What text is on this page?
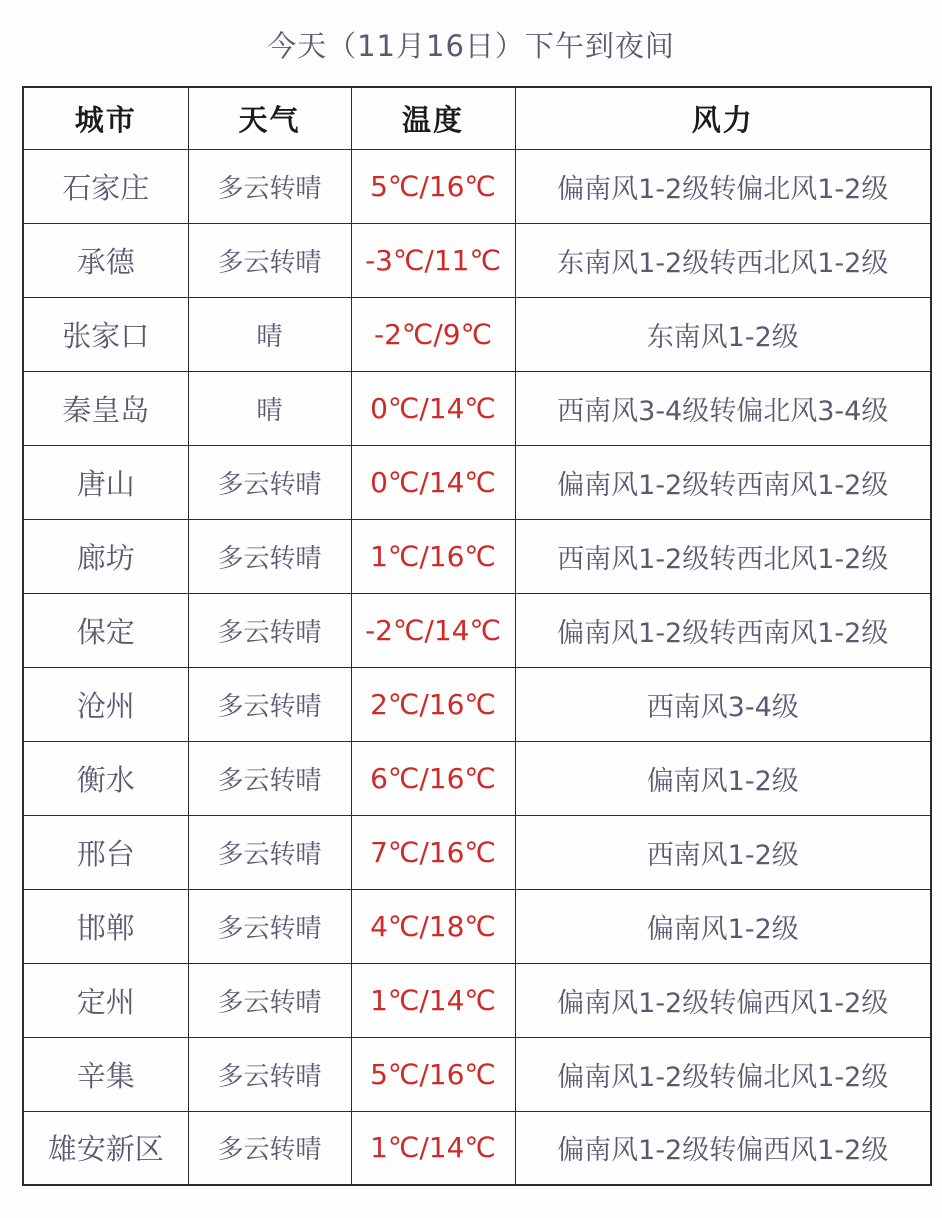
今天（11月16日）下午到夜间
城市	天气	温度	风力
石家庄	多云转晴	5℃/16℃	偏南风1-2级转偏北风1-2级
承德	多云转晴	-3℃/11℃	东南风1-2级转西北风1-2级
张家口	晴	-2℃/9℃	东南风1-2级
秦皇岛	晴	0℃/14℃	西南风3-4级转偏北风3-4级
唐山	多云转晴	0℃/14℃	偏南风1-2级转西南风1-2级
廊坊	多云转晴	1℃/16℃	西南风1-2级转西北风1-2级
保定	多云转晴	-2℃/14℃	偏南风1-2级转西南风1-2级
沧州	多云转晴	2℃/16℃	西南风3-4级
衡水	多云转晴	6℃/16℃	偏南风1-2级
邢台	多云转晴	7℃/16℃	西南风1-2级
邯郸	多云转晴	4℃/18℃	偏南风1-2级
定州	多云转晴	1℃/14℃	偏南风1-2级转偏西风1-2级
辛集	多云转晴	5℃/16℃	偏南风1-2级转偏北风1-2级
雄安新区	多云转晴	1℃/14℃	偏南风1-2级转偏西风1-2级
